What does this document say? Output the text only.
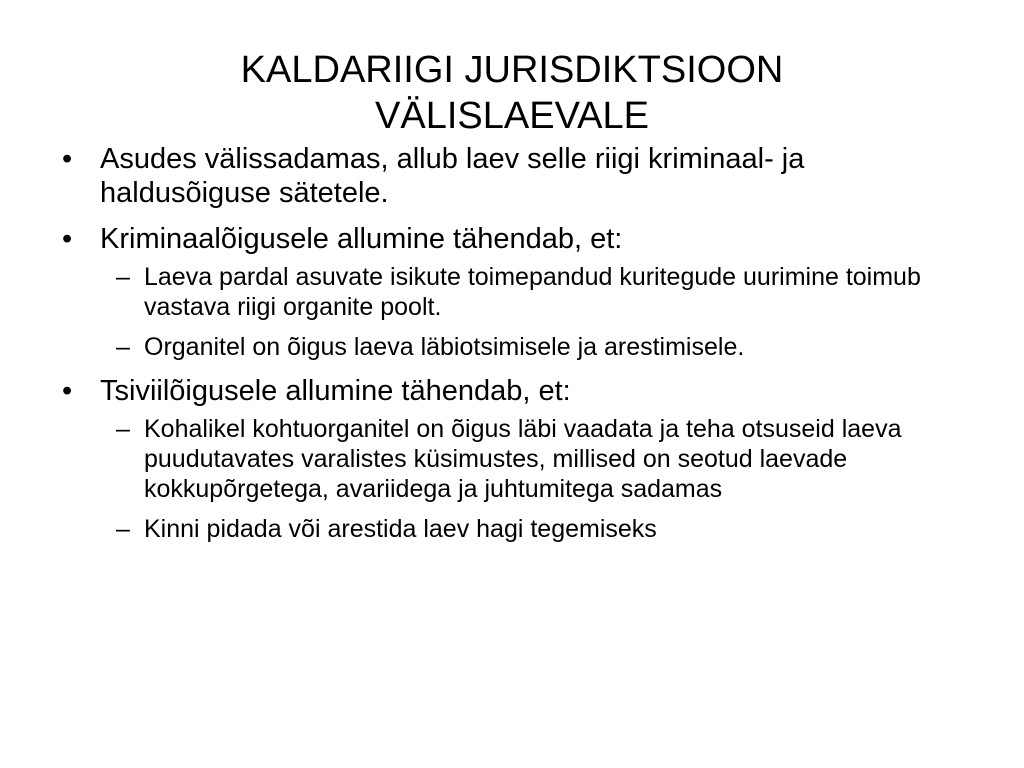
KALDARIIGI JURISDIKTSIOON
VÄLISLAEVALE
• Asudes välissadamas, allub laev selle riigi kriminaal- ja haldusõiguse sätetele.
• Kriminaalõigusele allumine tähendab, et:
– Laeva pardal asuvate isikute toimepandud kuritegude uurimine toimub vastava riigi organite poolt.
– Organitel on õigus laeva läbiotsimisele ja arestimisele.
• Tsiviilõigusele allumine tähendab, et:
– Kohalikel kohtuorganitel on õigus läbi vaadata ja teha otsuseid laeva puudutavates varalistes küsimustes, millised on seotud laevade kokkupõrgetega, avariidega ja juhtumitega sadamas
– Kinni pidada või arestida laev hagi tegemiseks
